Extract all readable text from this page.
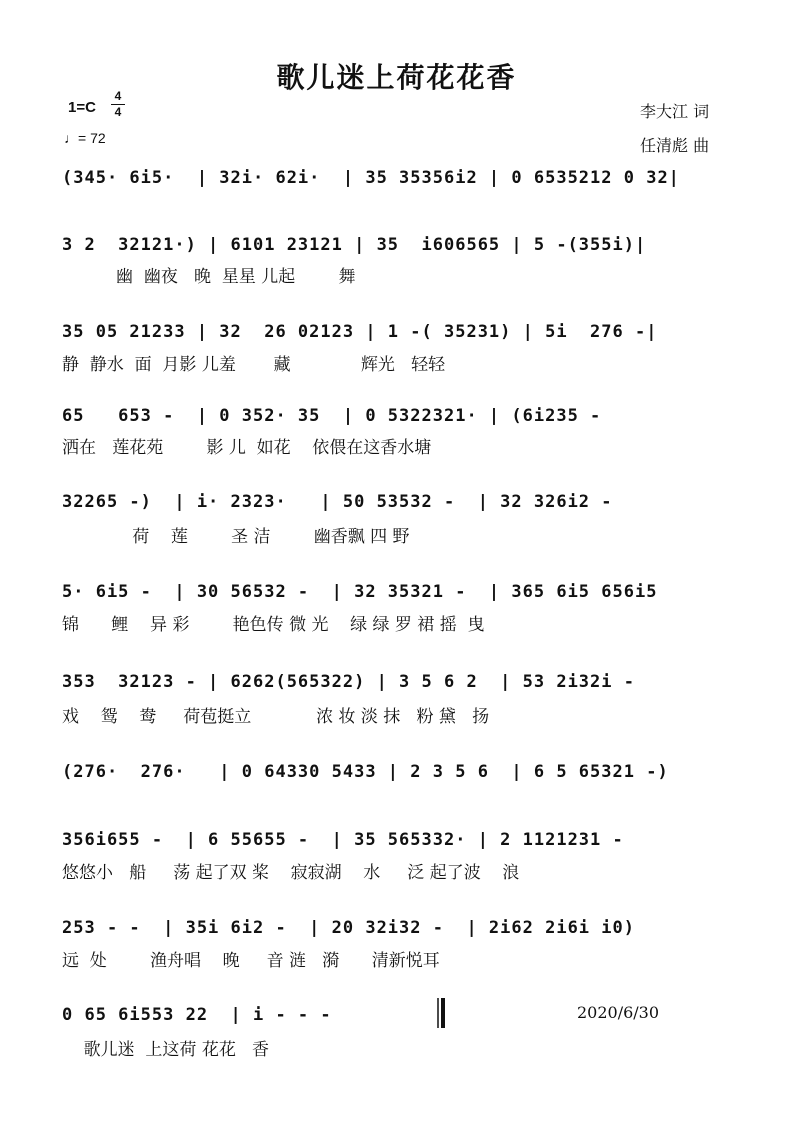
歌儿迷上荷花花香
1=C
4
4
♩= 72
李大江 词
任清彪 曲
(345· 6i5·  | 32i· 62i·  | 35 35356i2 | 0 6535212 0 32|
3 2  32121·) | 6101 23121 | 35  i606565 | 5 -(355i)|
幽  幽夜   晚  星星 儿起        舞
35 05 21233 | 32  26 02123 | 1 -( 35231) | 5i  276 -|
静  静水  面  月影 儿羞       藏             辉光   轻轻
65   653 -  | 0 352· 35  | 0 5322321· | (6i235 -
洒在   莲花苑        影 儿  如花    依偎在这香水塘
32265 -)  | i· 2323·   | 50 53532 -  | 32 326i2 -
荷    莲        圣 洁        幽香飘 四 野
5· 6i5 -  | 30 56532 -  | 32 35321 -  | 365 6i5 656i5
锦      鲤    异 彩        艳色传 微 光    绿 绿 罗 裙 摇  曳
353  32123 - | 6262(565322) | 3 5 6 2  | 53 2i32i -
戏    鸳    鸯     荷苞挺立            浓 妆 淡 抹   粉 黛   扬
(276·  276·   | 0 64330 5433 | 2 3 5 6  | 6 5 65321 -)
356i655 -  | 6 55655 -  | 35 565332· | 2 1121231 -
悠悠小   船     荡 起了双 桨    寂寂湖    水     泛 起了波    浪
253 - -  | 35i 6i2 -  | 20 32i32 -  | 2i62 2i6i i0)
远  处        渔舟唱    晚     音 涟   漪      清新悦耳
0 65 6i553 22  | i - - -
歌儿迷  上这荷 花花   香
2020/6/30
